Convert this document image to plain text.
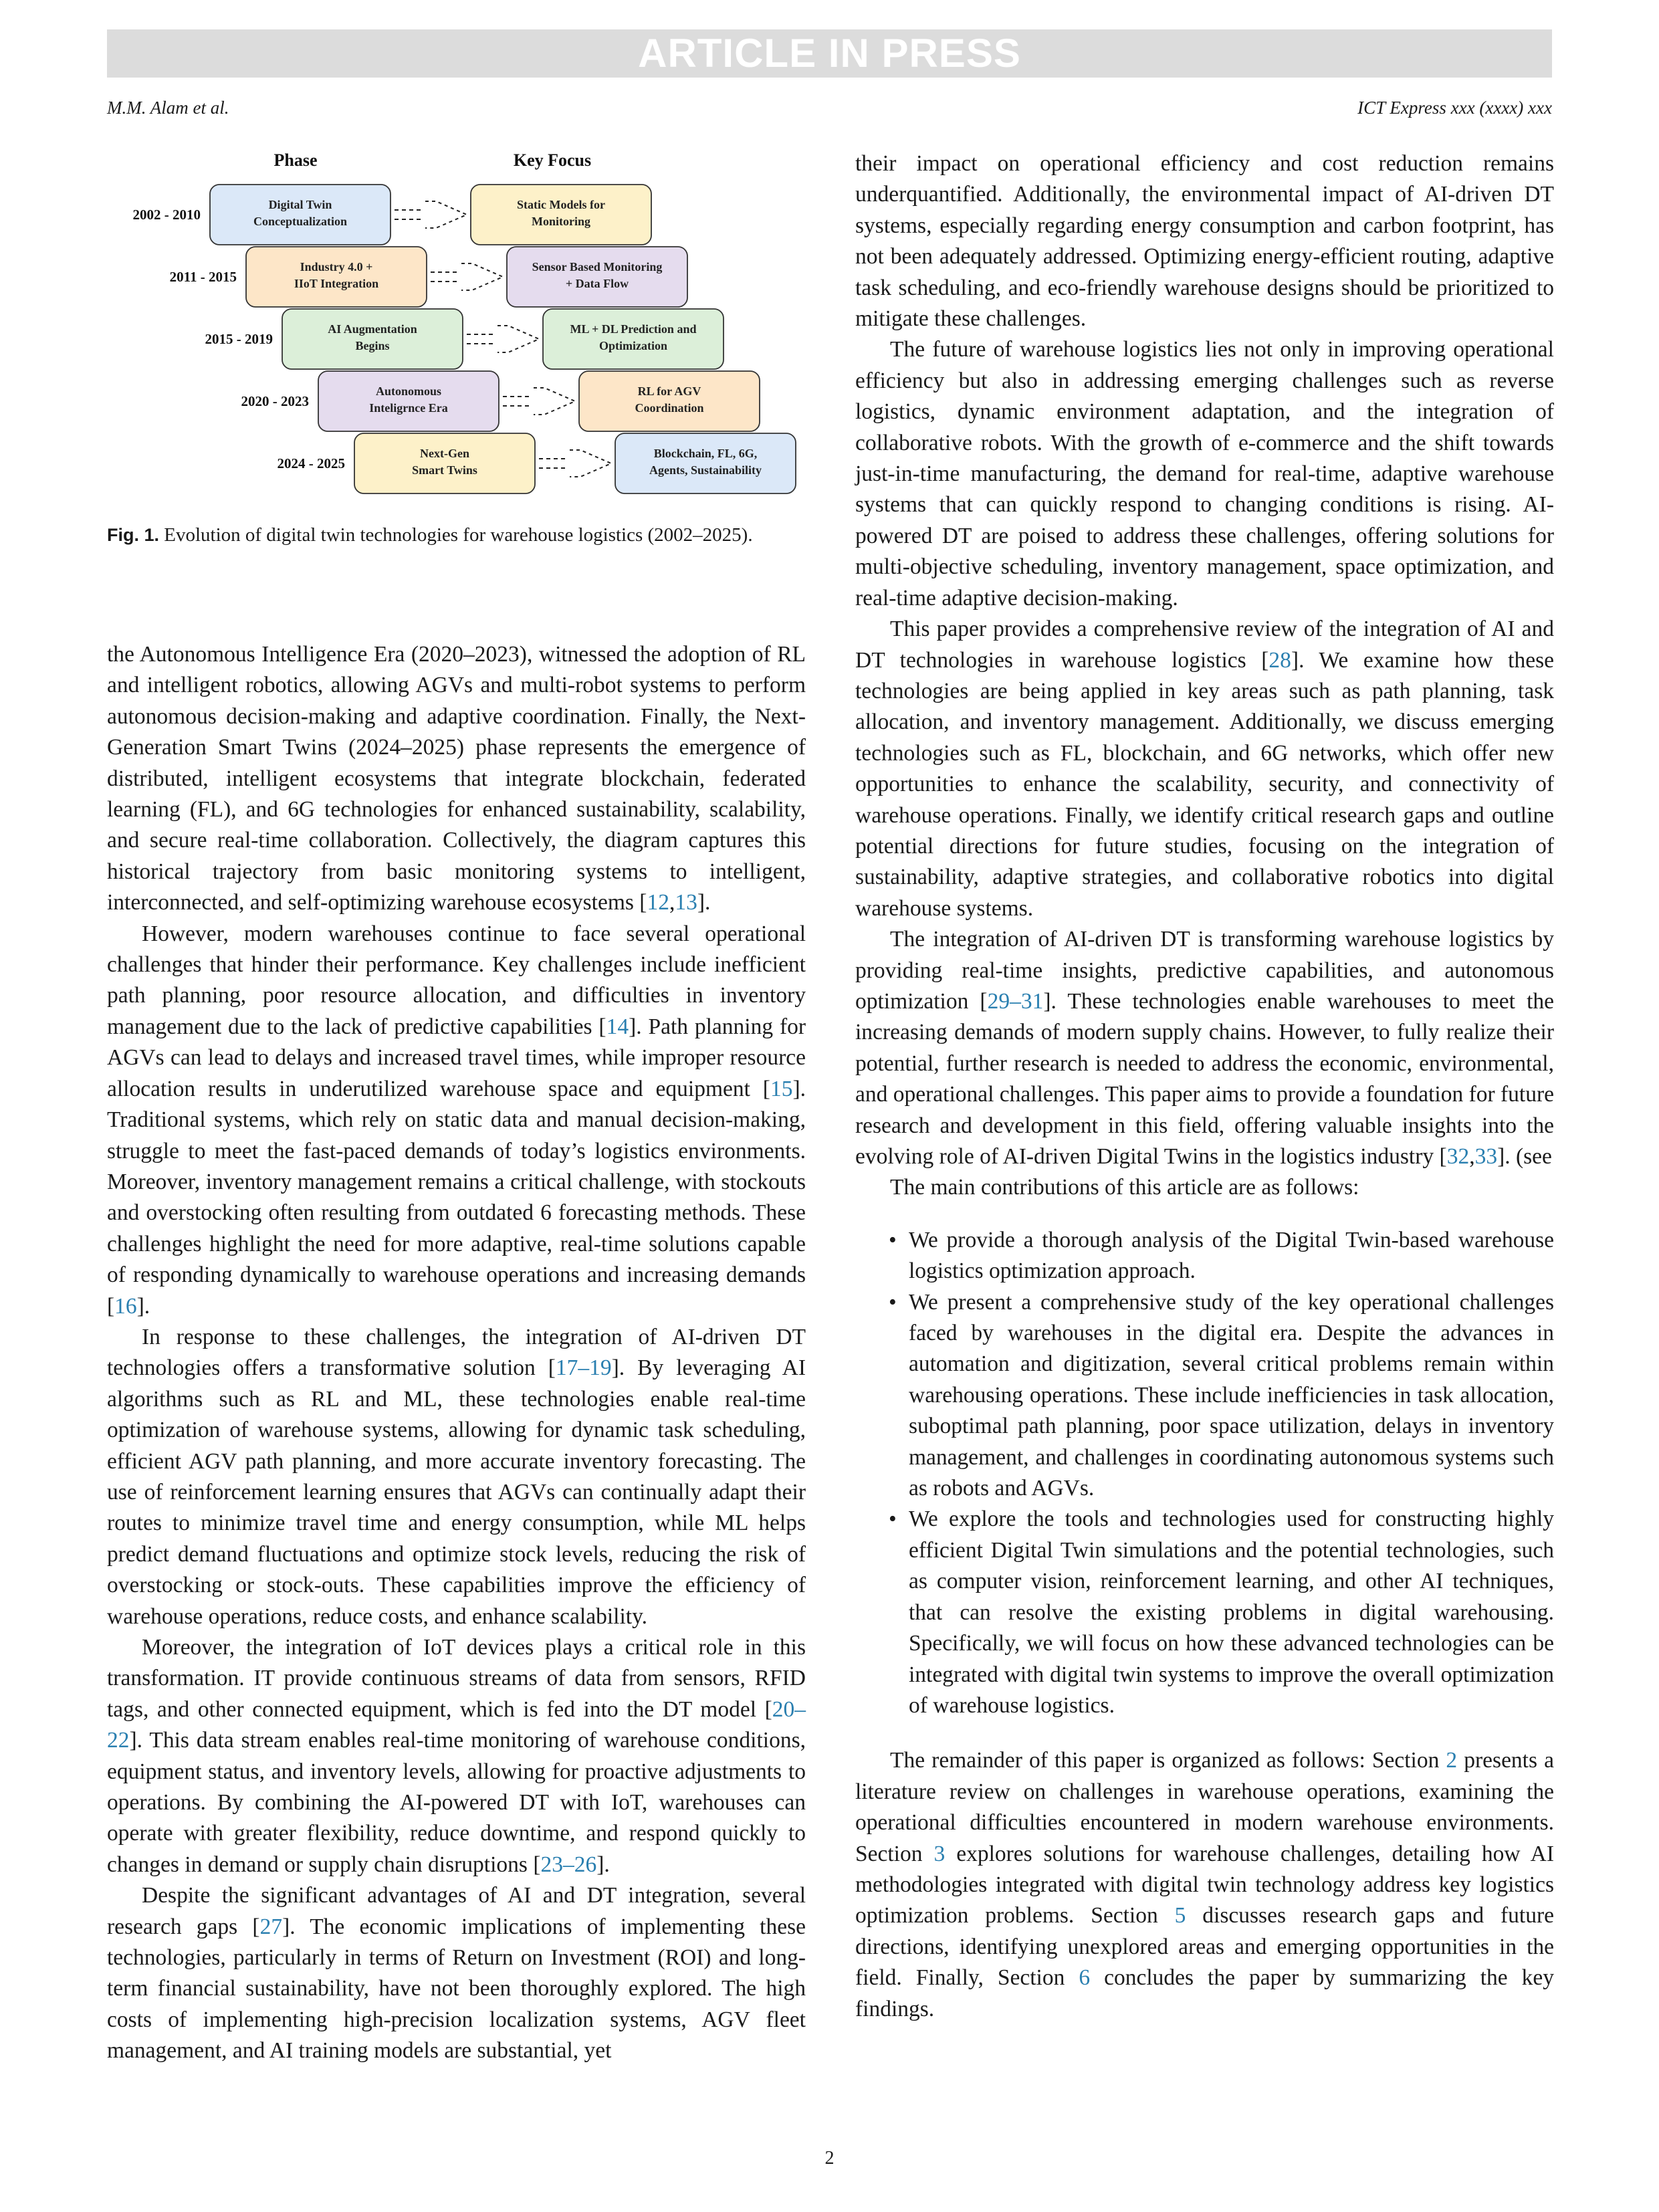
ARTICLE IN PRESS
M.M. Alam et al.	ICT Express xxx (xxxx) xxx
Phase	Key Focus
2002 - 2010
Digital Twin Conceptualization
Static Models for Monitoring
2011 - 2015
Industry 4.0 + IIoT Integration
Sensor Based Monitoring + Data Flow
2015 - 2019
AI Augmentation Begins
ML + DL Prediction and Optimization
2020 - 2023
Autonomous Inteligrnce Era
RL for AGV Coordination
2024 - 2025
Next-Gen Smart Twins
Blockchain, FL, 6G, Agents, Sustainability
Fig. 1. Evolution of digital twin technologies for warehouse logistics (2002–2025).

the Autonomous Intelligence Era (2020–2023), witnessed the adoption of RL and intelligent robotics, allowing AGVs and multi-robot systems to perform autonomous decision-making and adaptive coordination. Finally, the Next-Generation Smart Twins (2024–2025) phase represents the emergence of distributed, intelligent ecosystems that integrate blockchain, federated learning (FL), and 6G technologies for enhanced sustainability, scalability, and secure real-time collaboration. Collectively, the diagram captures this historical trajectory from basic monitoring systems to intelligent, interconnected, and self-optimizing warehouse ecosystems [12,13].

However, modern warehouses continue to face several operational challenges that hinder their performance. Key challenges include inefficient path planning, poor resource allocation, and difficulties in inventory management due to the lack of predictive capabilities [14]. Path planning for AGVs can lead to delays and increased travel times, while improper resource allocation results in underutilized warehouse space and equipment [15]. Traditional systems, which rely on static data and manual decision-making, struggle to meet the fast-paced demands of today’s logistics environments. Moreover, inventory management remains a critical challenge, with stockouts and overstocking often resulting from outdated 6 forecasting methods. These challenges highlight the need for more adaptive, real-time solutions capable of responding dynamically to warehouse operations and increasing demands [16].

In response to these challenges, the integration of AI-driven DT technologies offers a transformative solution [17–19]. By leveraging AI algorithms such as RL and ML, these technologies enable real-time optimization of warehouse systems, allowing for dynamic task scheduling, efficient AGV path planning, and more accurate inventory forecasting. The use of reinforcement learning ensures that AGVs can continually adapt their routes to minimize travel time and energy consumption, while ML helps predict demand fluctuations and optimize stock levels, reducing the risk of overstocking or stock-outs. These capabilities improve the efficiency of warehouse operations, reduce costs, and enhance scalability.

Moreover, the integration of IoT devices plays a critical role in this transformation. IT provide continuous streams of data from sensors, RFID tags, and other connected equipment, which is fed into the DT model [20–22]. This data stream enables real-time monitoring of warehouse conditions, equipment status, and inventory levels, allowing for proactive adjustments to operations. By combining the AI-powered DT with IoT, warehouses can operate with greater flexibility, reduce downtime, and respond quickly to changes in demand or supply chain disruptions [23–26].

Despite the significant advantages of AI and DT integration, several research gaps [27]. The economic implications of implementing these technologies, particularly in terms of Return on Investment (ROI) and long-term financial sustainability, have not been thoroughly explored. The high costs of implementing high-precision localization systems, AGV fleet management, and AI training models are substantial, yet

their impact on operational efficiency and cost reduction remains underquantified. Additionally, the environmental impact of AI-driven DT systems, especially regarding energy consumption and carbon footprint, has not been adequately addressed. Optimizing energy-efficient routing, adaptive task scheduling, and eco-friendly warehouse designs should be prioritized to mitigate these challenges.

The future of warehouse logistics lies not only in improving operational efficiency but also in addressing emerging challenges such as reverse logistics, dynamic environment adaptation, and the integration of collaborative robots. With the growth of e-commerce and the shift towards just-in-time manufacturing, the demand for real-time, adaptive warehouse systems that can quickly respond to changing conditions is rising. AI-powered DT are poised to address these challenges, offering solutions for multi-objective scheduling, inventory management, space optimization, and real-time adaptive decision-making.

This paper provides a comprehensive review of the integration of AI and DT technologies in warehouse logistics [28]. We examine how these technologies are being applied in key areas such as path planning, task allocation, and inventory management. Additionally, we discuss emerging technologies such as FL, blockchain, and 6G networks, which offer new opportunities to enhance the scalability, security, and connectivity of warehouse operations. Finally, we identify critical research gaps and outline potential directions for future studies, focusing on the integration of sustainability, adaptive strategies, and collaborative robotics into digital warehouse systems.

The integration of AI-driven DT is transforming warehouse logistics by providing real-time insights, predictive capabilities, and autonomous optimization [29–31]. These technologies enable warehouses to meet the increasing demands of modern supply chains. However, to fully realize their potential, further research is needed to address the economic, environmental, and operational challenges. This paper aims to provide a foundation for future research and development in this field, offering valuable insights into the evolving role of AI-driven Digital Twins in the logistics industry [32,33]. (see

The main contributions of this article are as follows:

• We provide a thorough analysis of the Digital Twin-based warehouse logistics optimization approach.
• We present a comprehensive study of the key operational challenges faced by warehouses in the digital era. Despite the advances in automation and digitization, several critical problems remain within warehousing operations. These include inefficiencies in task allocation, suboptimal path planning, poor space utilization, delays in inventory management, and challenges in coordinating autonomous systems such as robots and AGVs.
• We explore the tools and technologies used for constructing highly efficient Digital Twin simulations and the potential technologies, such as computer vision, reinforcement learning, and other AI techniques, that can resolve the existing problems in digital warehousing. Specifically, we will focus on how these advanced technologies can be integrated with digital twin systems to improve the overall optimization of warehouse logistics.

The remainder of this paper is organized as follows: Section 2 presents a literature review on challenges in warehouse operations, examining the operational difficulties encountered in modern warehouse environments. Section 3 explores solutions for warehouse challenges, detailing how AI methodologies integrated with digital twin technology address key logistics optimization problems. Section 5 discusses research gaps and future directions, identifying unexplored areas and emerging opportunities in the field. Finally, Section 6 concludes the paper by summarizing the key findings.

2
